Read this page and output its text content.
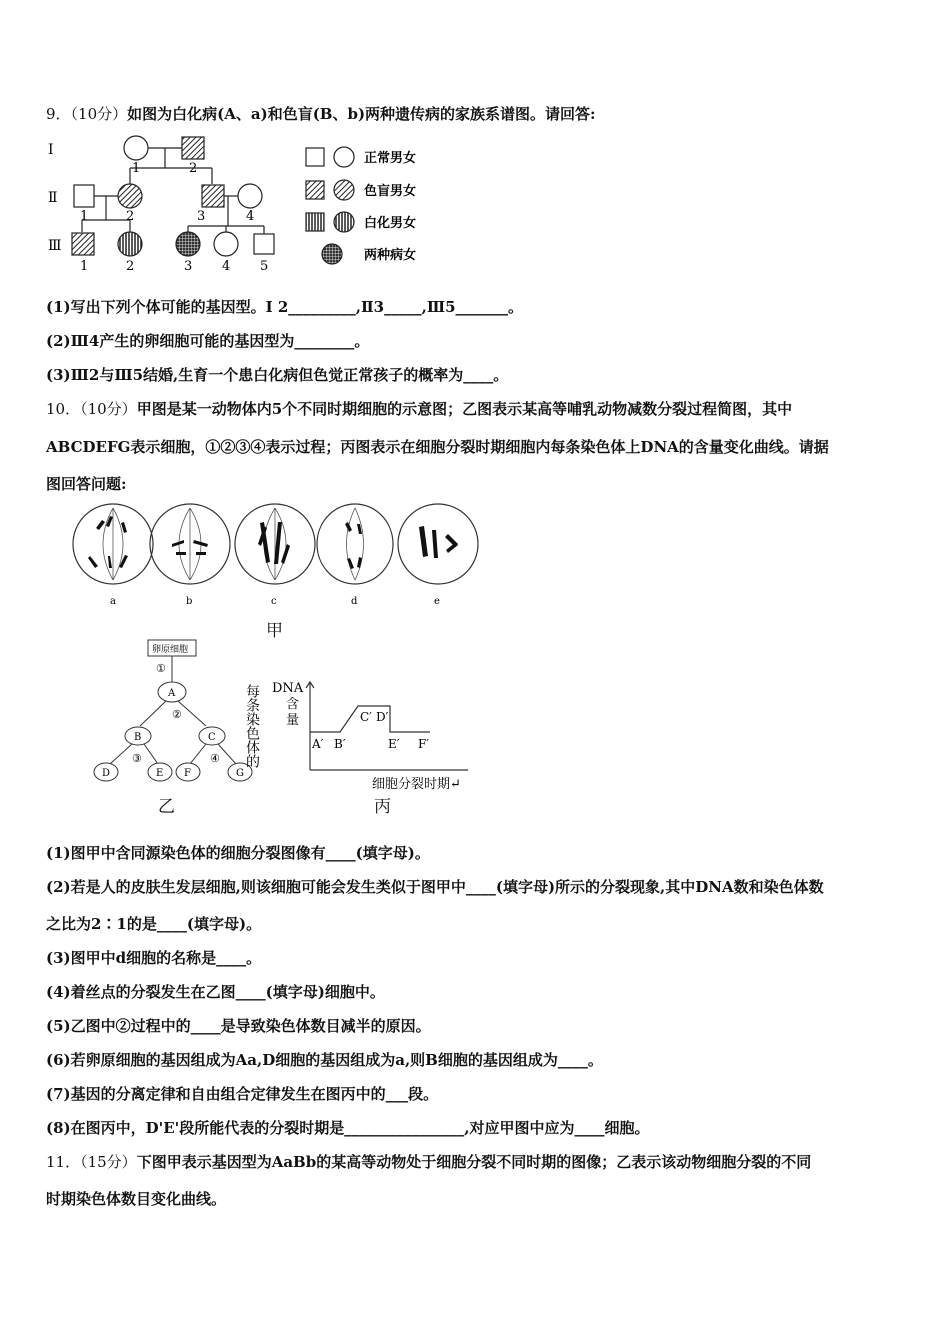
9．（10分）如图为白化病(A、a)和色盲(B、b)两种遗传病的家族系谱图。请回答:
Ⅰ
Ⅱ
Ⅲ
1	2
1	2	3	4
1	2	3 4 5
正常男女
色盲男女
白化男女
两种病女
(1)写出下列个体可能的基因型。Ⅰ 2_________,Ⅱ3_____,Ⅲ5_______。
(2)Ⅲ4产生的卵细胞可能的基因型为________。
(3)Ⅲ2与Ⅲ5结婚,生育一个患白化病但色觉正常孩子的概率为____。
10．（10分）甲图是某一动物体内5个不同时期细胞的示意图；乙图表示某高等哺乳动物减数分裂过程简图，其中
ABCDEFG表示细胞，①②③④表示过程；丙图表示在细胞分裂时期细胞内每条染色体上DNA的含量变化曲线。请据
图回答问题:
a	b	c	d	e
甲
卵原细胞
①
②
③	④
A
B	C
D	E F	G
乙
每条染色体的 DNA
含
量
A′ B′
C′ D′
E′ F′
细胞分裂时期↵
丙
(1)图甲中含同源染色体的细胞分裂图像有____(填字母)。
(2)若是人的皮肤生发层细胞,则该细胞可能会发生类似于图甲中____(填字母)所示的分裂现象,其中DNA数和染色体数
之比为2∶1的是____(填字母)。
(3)图甲中d细胞的名称是____。
(4)着丝点的分裂发生在乙图____(填字母)细胞中。
(5)乙图中②过程中的____是导致染色体数目减半的原因。
(6)若卵原细胞的基因组成为Aa,D细胞的基因组成为a,则B细胞的基因组成为____。
(7)基因的分离定律和自由组合定律发生在图丙中的___段。
(8)在图丙中，D'E'段所能代表的分裂时期是________________,对应甲图中应为____细胞。
11．（15分）下图甲表示基因型为AaBb的某高等动物处于细胞分裂不同时期的图像；乙表示该动物细胞分裂的不同
时期染色体数目变化曲线。
